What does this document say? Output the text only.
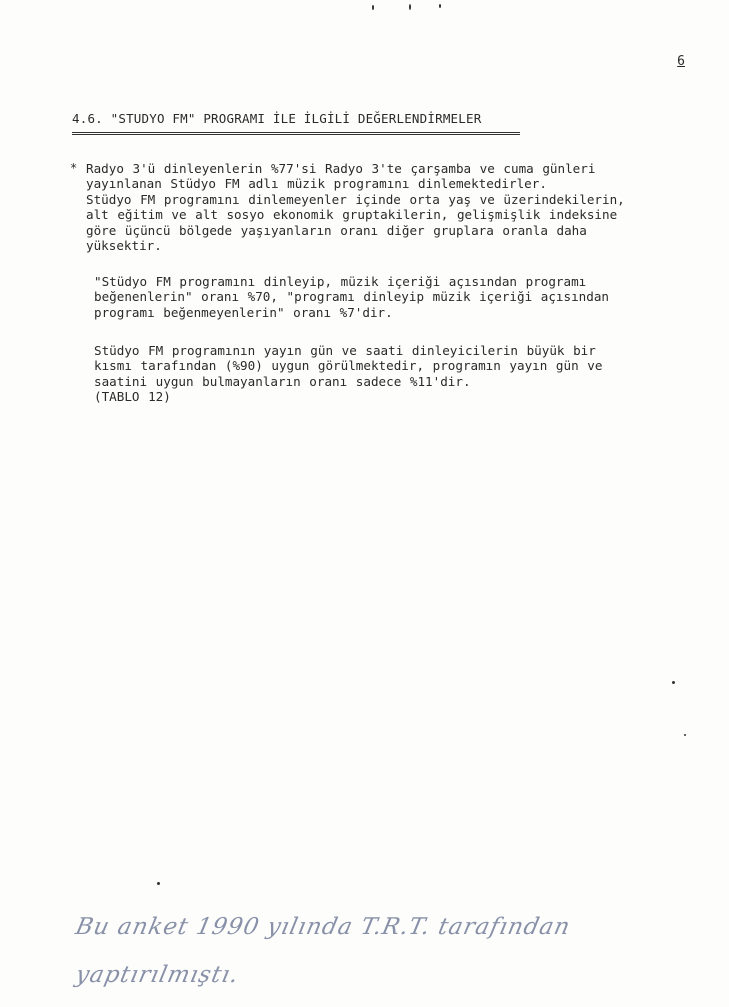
6
4.6. "STUDYO FM" PROGRAMI İLE İLGİLİ DEĞERLENDİRMELER
* Radyo 3'ü dinleyenlerin %77'si Radyo 3'te çarşamba ve cuma günleri
yayınlanan Stüdyo FM adlı müzik programını dinlemektedirler.
Stüdyo FM programını dinlemeyenler içinde orta yaş ve üzerindekilerin,
alt eğitim ve alt sosyo ekonomik gruptakilerin, gelişmişlik indeksine
göre üçüncü bölgede yaşıyanların oranı diğer gruplara oranla daha
yüksektir.
"Stüdyo FM programını dinleyip, müzik içeriği açısından programı
beğenenlerin" oranı %70, "programı dinleyip müzik içeriği açısından
programı beğenmeyenlerin" oranı %7'dir.
Stüdyo FM programının yayın gün ve saati dinleyicilerin büyük bir
kısmı tarafından (%90) uygun görülmektedir, programın yayın gün ve
saatini uygun bulmayanların oranı sadece %11'dir.
(TABLO 12)
Bu anket 1990 yılında T.R.T. tarafından
yaptırılmıştı.
